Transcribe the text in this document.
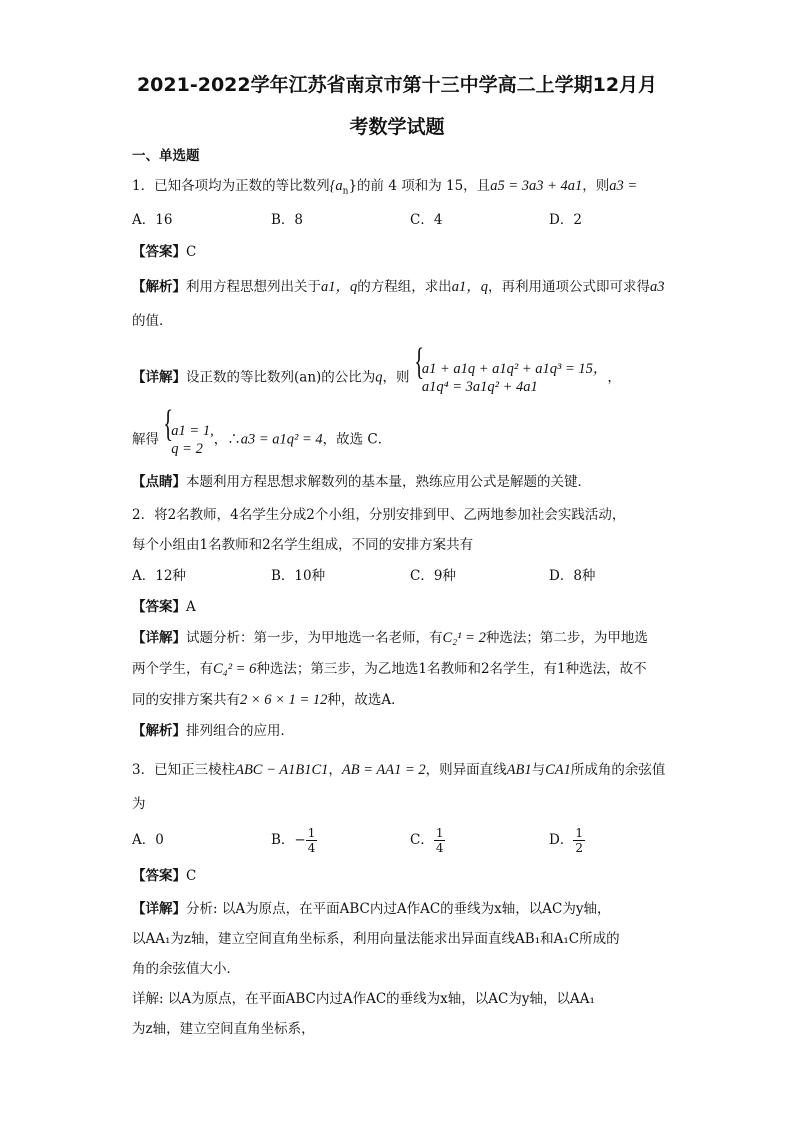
2021-2022学年江苏省南京市第十三中学高二上学期12月月
考数学试题
一、单选题
1．已知各项均为正数的等比数列$\{a_n\}$的前 4 项和为 15，且a5 = 3a3 + 4a1，则a3 =
A．16	B．8	C．4	D．2
【答案】C
【解析】利用方程思想列出关于a1，q的方程组，求出a1，q，再利用通项公式即可求得a3
的值．
【详解】设正数的等比数列(an)的公比为q，则
{ a1 + a1q + a1q² + a1q³ = 15，
a1q⁴ = 3a1q² + 4a1
，
解得
{ a1 = 1,
q = 2
，∴a3 = a1q² = 4，故选 C．
【点睛】本题利用方程思想求解数列的基本量，熟练应用公式是解题的关键．
2．将2名教师，4名学生分成2个小组，分别安排到甲、乙两地参加社会实践活动，
每个小组由1名教师和2名学生组成，不同的安排方案共有
A．12种	B．10种	C．9种	D．8种
【答案】A
【详解】试题分析：第一步，为甲地选一名老师，有C₂¹ = 2种选法；第二步，为甲地选
两个学生，有C₄² = 6种选法；第三步，为乙地选1名教师和2名学生，有1种选法，故不
同的安排方案共有2 × 6 × 1 = 12种，故选A．
【解析】排列组合的应用．
3．已知正三棱柱ABC − A1B1C1，AB = AA1 = 2，则异面直线AB1与CA1所成角的余弦值
为
A．0	B．− $\frac{1}{4}$	C． $\frac{1}{4}$	D． $\frac{1}{2}$
【答案】C
【详解】分析: 以A为原点，在平面ABC内过A作AC的垂线为x轴，以AC为y轴，
以AA₁为z轴，建立空间直角坐标系，利用向量法能求出异面直线AB₁和A₁C所成的
角的余弦值大小．
详解: 以A为原点，在平面ABC内过A作AC的垂线为x轴，以AC为y轴，以AA₁
为z轴，建立空间直角坐标系，
